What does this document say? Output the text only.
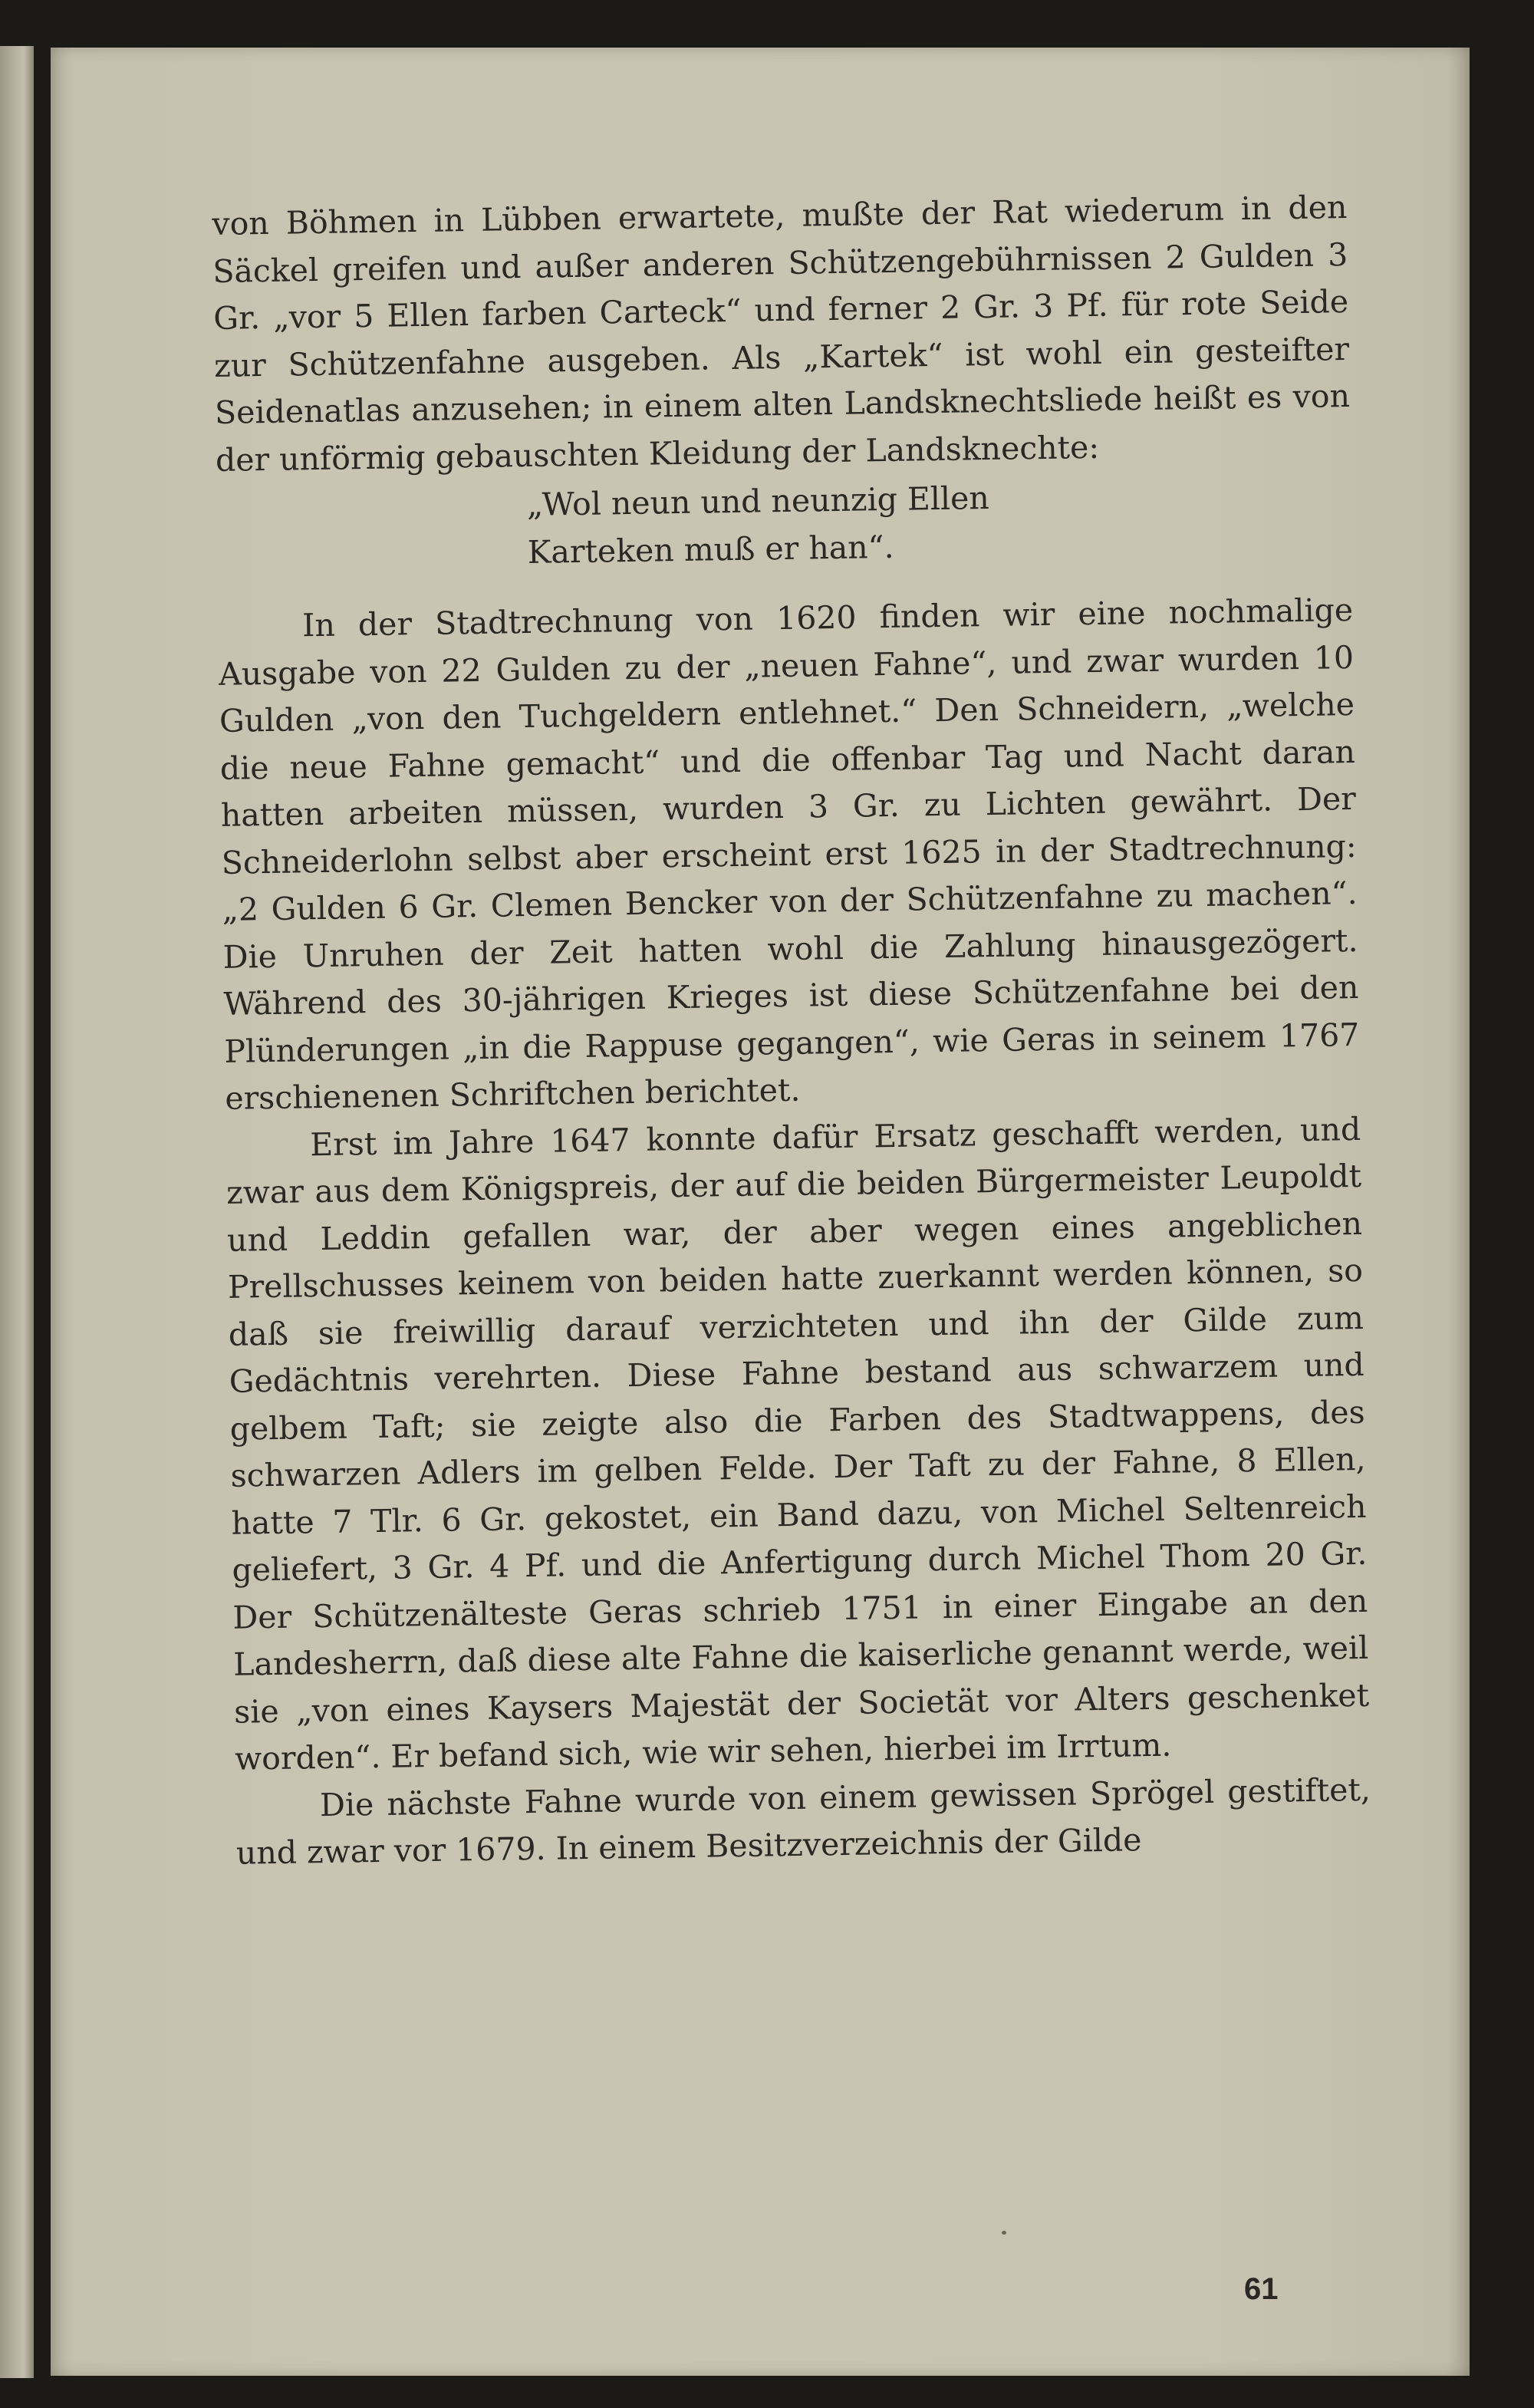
von Böhmen in Lübben erwartete, mußte der Rat wiederum in den Säckel greifen und außer anderen Schützengebührnissen 2 Gulden 3 Gr. „vor 5 Ellen farben Carteck“ und ferner 2 Gr. 3 Pf. für rote Seide zur Schützenfahne ausgeben. Als „Kartek“ ist wohl ein gesteifter Seidenatlas anzusehen; in einem alten Landsknechtsliede heißt es von der unförmig gebauschten Kleidung der Landsknechte:

„Wol neun und neunzig Ellen
Karteken muß er han“.

In der Stadtrechnung von 1620 finden wir eine nochmalige Ausgabe von 22 Gulden zu der „neuen Fahne“, und zwar wurden 10 Gulden „von den Tuchgeldern entlehnet.“ Den Schneidern, „welche die neue Fahne gemacht“ und die offenbar Tag und Nacht daran hatten arbeiten müssen, wurden 3 Gr. zu Lichten gewährt. Der Schneiderlohn selbst aber erscheint erst 1625 in der Stadtrechnung: „2 Gulden 6 Gr. Clemen Bencker von der Schützenfahne zu machen“. Die Unruhen der Zeit hatten wohl die Zahlung hinausgezögert. Während des 30-jährigen Krieges ist diese Schützenfahne bei den Plünderungen „in die Rappuse gegangen“, wie Geras in seinem 1767 erschienenen Schriftchen berichtet.

Erst im Jahre 1647 konnte dafür Ersatz geschafft werden, und zwar aus dem Königspreis, der auf die beiden Bürgermeister Leupoldt und Leddin gefallen war, der aber wegen eines angeblichen Prellschusses keinem von beiden hatte zuerkannt werden können, so daß sie freiwillig darauf verzichteten und ihn der Gilde zum Gedächtnis verehrten. Diese Fahne bestand aus schwarzem und gelbem Taft; sie zeigte also die Farben des Stadtwappens, des schwarzen Adlers im gelben Felde. Der Taft zu der Fahne, 8 Ellen, hatte 7 Tlr. 6 Gr. gekostet, ein Band dazu, von Michel Seltenreich geliefert, 3 Gr. 4 Pf. und die Anfertigung durch Michel Thom 20 Gr. Der Schützenälteste Geras schrieb 1751 in einer Eingabe an den Landesherrn, daß diese alte Fahne die kaiserliche genannt werde, weil sie „von eines Kaysers Majestät der Societät vor Alters geschenket worden“. Er befand sich, wie wir sehen, hierbei im Irrtum.

Die nächste Fahne wurde von einem gewissen Sprögel gestiftet, und zwar vor 1679. In einem Besitzverzeichnis der Gilde

61
